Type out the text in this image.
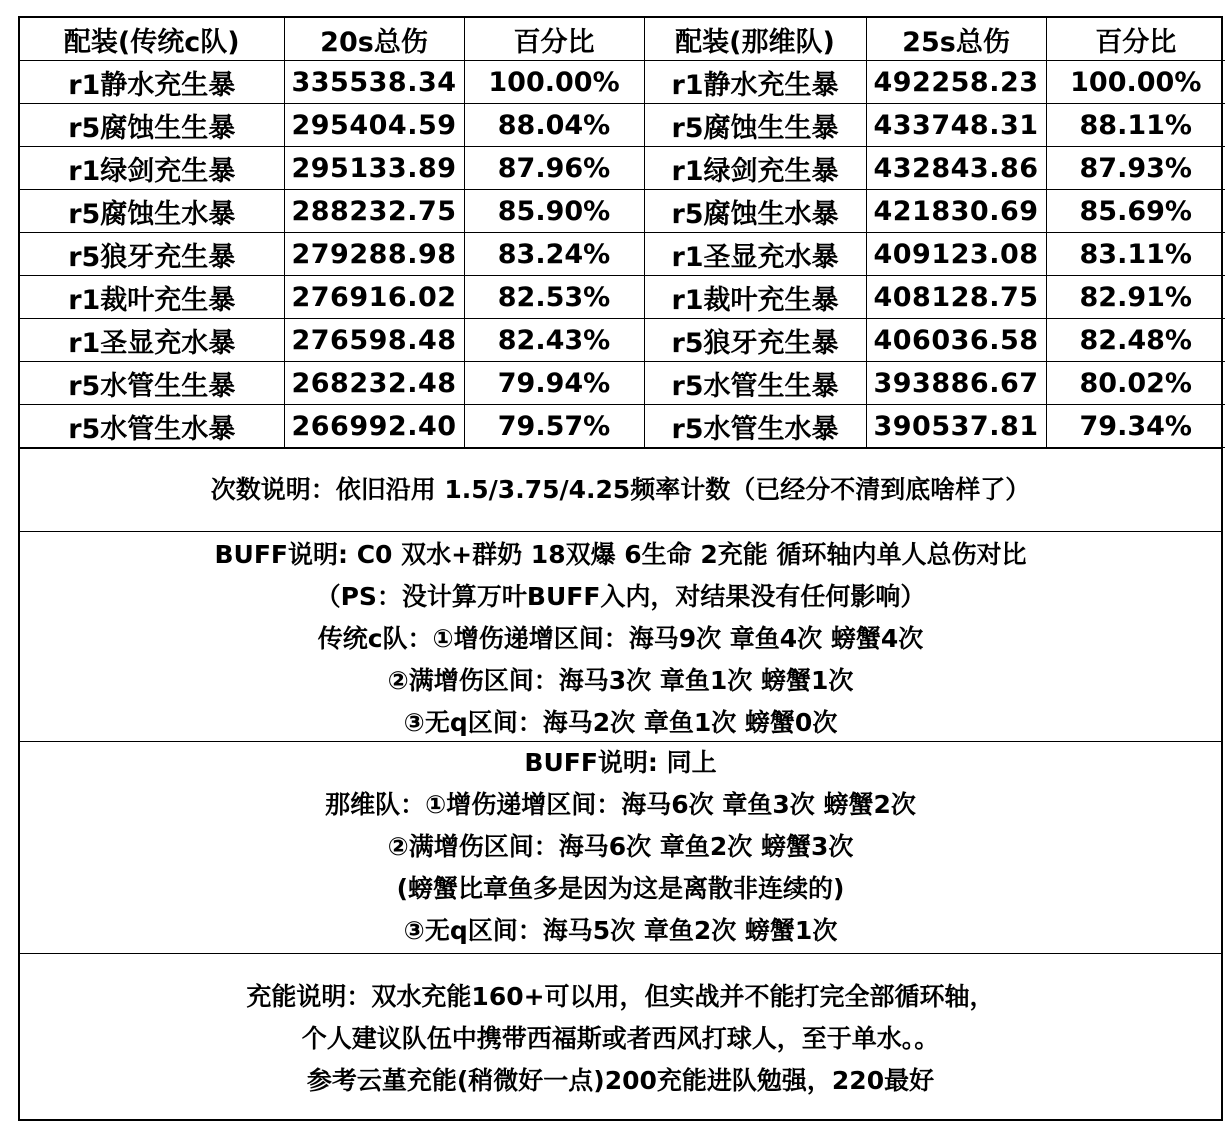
配装(传统c队)	20s总伤	百分比	配装(那维队)	25s总伤	百分比
r1静水充生暴	335538.34	100.00%	r1静水充生暴	492258.23	100.00%
r5腐蚀生生暴	295404.59	88.04%	r5腐蚀生生暴	433748.31	88.11%
r1绿剑充生暴	295133.89	87.96%	r1绿剑充生暴	432843.86	87.93%
r5腐蚀生水暴	288232.75	85.90%	r5腐蚀生水暴	421830.69	85.69%
r5狼牙充生暴	279288.98	83.24%	r1圣显充水暴	409123.08	83.11%
r1裁叶充生暴	276916.02	82.53%	r1裁叶充生暴	408128.75	82.91%
r1圣显充水暴	276598.48	82.43%	r5狼牙充生暴	406036.58	82.48%
r5水管生生暴	268232.48	79.94%	r5水管生生暴	393886.67	80.02%
r5水管生水暴	266992.40	79.57%	r5水管生水暴	390537.81	79.34%
次数说明：依旧沿用 1.5/3.75/4.25频率计数（已经分不清到底啥样了）
BUFF说明: C0 双水+群奶 18双爆 6生命 2充能 循环轴内单人总伤对比
（PS：没计算万叶BUFF入内，对结果没有任何影响）
传统c队：①增伤递增区间：海马9次 章鱼4次 螃蟹4次
②满增伤区间：海马3次 章鱼1次 螃蟹1次
③无q区间：海马2次 章鱼1次 螃蟹0次
BUFF说明: 同上
那维队：①增伤递增区间：海马6次 章鱼3次 螃蟹2次
②满增伤区间：海马6次 章鱼2次 螃蟹3次
(螃蟹比章鱼多是因为这是离散非连续的)
③无q区间：海马5次 章鱼2次 螃蟹1次
充能说明：双水充能160+可以用，但实战并不能打完全部循环轴，
个人建议队伍中携带西福斯或者西风打球人，至于单水。。
参考云堇充能(稍微好一点)200充能进队勉强，220最好
